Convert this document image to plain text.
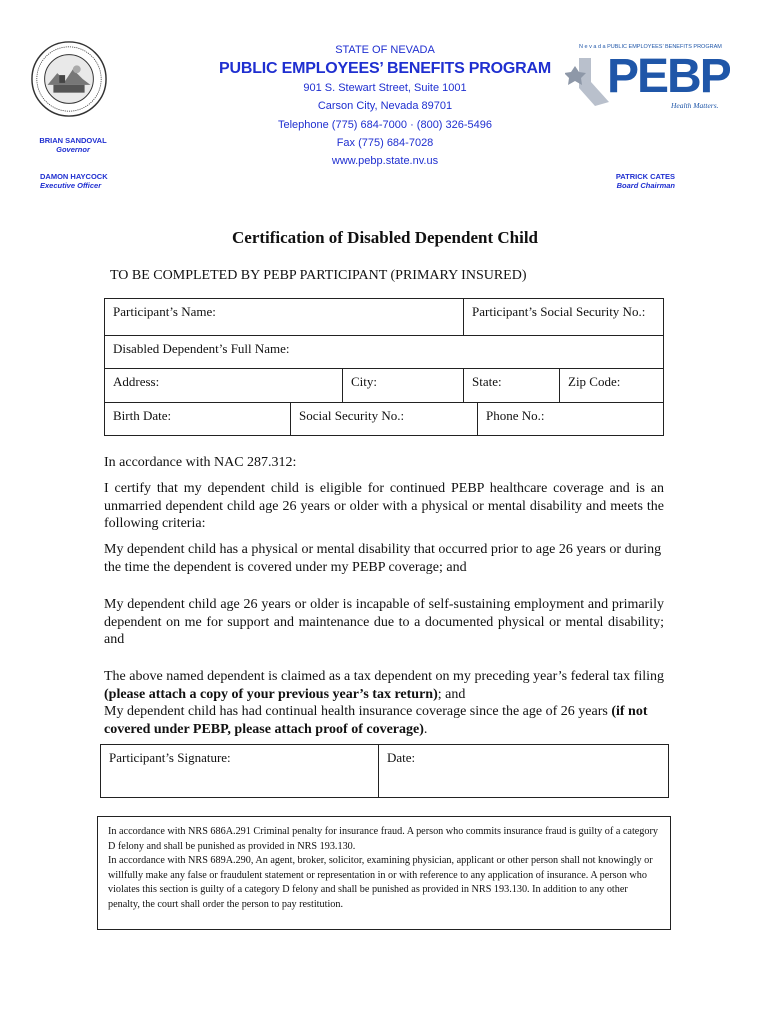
STATE OF NEVADA
PUBLIC EMPLOYEES’ BENEFITS PROGRAM
901 S. Stewart Street, Suite 1001
Carson City, Nevada 89701
Telephone (775) 684-7000 · (800) 326-5496
Fax (775) 684-7028
www.pebp.state.nv.us
BRIAN SANDOVAL
Governor
DAMON HAYCOCK
Executive Officer
PATRICK CATES
Board Chairman
N e v a d a PUBLIC EMPLOYEES’ BENEFITS PROGRAM
PEBP
Health Matters.
Certification of Disabled Dependent Child
TO BE COMPLETED BY PEBP PARTICIPANT (PRIMARY INSURED)
Participant’s Name:	Participant’s Social Security No.:
Disabled Dependent’s Full Name:
Address:	City:	State:	Zip Code:
Birth Date:	Social Security No.:	Phone No.:
In accordance with NAC 287.312:
I certify that my dependent child is eligible for continued PEBP healthcare coverage and is an unmarried dependent child age 26 years or older with a physical or mental disability and meets the following criteria:
My dependent child has a physical or mental disability that occurred prior to age 26 years or during the time the dependent is covered under my PEBP coverage; and
My dependent child age 26 years or older is incapable of self-sustaining employment and primarily dependent on me for support and maintenance due to a documented physical or mental disability; and
The above named dependent is claimed as a tax dependent on my preceding year’s federal tax filing (please attach a copy of your previous year’s tax return); and
My dependent child has had continual health insurance coverage since the age of 26 years (if not covered under PEBP, please attach proof of coverage).
Participant’s Signature:	Date:
In accordance with NRS 686A.291 Criminal penalty for insurance fraud. A person who commits insurance fraud is guilty of a category D felony and shall be punished as provided in NRS 193.130.
In accordance with NRS 689A.290, An agent, broker, solicitor, examining physician, applicant or other person shall not knowingly or willfully make any false or fraudulent statement or representation in or with reference to any application of insurance. A person who violates this section is guilty of a category D felony and shall be punished as provided in NRS 193.130. In addition to any other penalty, the court shall order the person to pay restitution.
